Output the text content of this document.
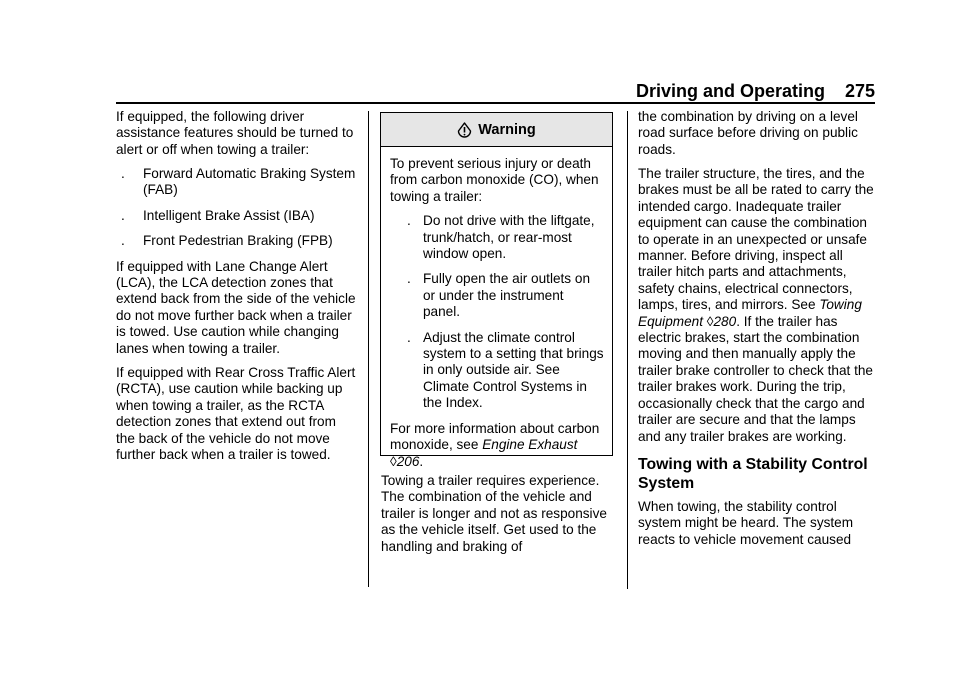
Driving and Operating 275

If equipped, the following driver assistance features should be turned to alert or off when towing a trailer:

. Forward Automatic Braking System (FAB)
. Intelligent Brake Assist (IBA)
. Front Pedestrian Braking (FPB)

If equipped with Lane Change Alert (LCA), the LCA detection zones that extend back from the side of the vehicle do not move further back when a trailer is towed. Use caution while changing lanes when towing a trailer.

If equipped with Rear Cross Traffic Alert (RCTA), use caution while backing up when towing a trailer, as the RCTA detection zones that extend out from the back of the vehicle do not move further back when a trailer is towed.

Warning

To prevent serious injury or death from carbon monoxide (CO), when towing a trailer:

. Do not drive with the liftgate, trunk/hatch, or rear-most window open.
. Fully open the air outlets on or under the instrument panel.
. Adjust the climate control system to a setting that brings in only outside air. See Climate Control Systems in the Index.

For more information about carbon monoxide, see Engine Exhaust ◊206.

Towing a trailer requires experience. The combination of the vehicle and trailer is longer and not as responsive as the vehicle itself. Get used to the handling and braking of

the combination by driving on a level road surface before driving on public roads.

The trailer structure, the tires, and the brakes must be all be rated to carry the intended cargo. Inadequate trailer equipment can cause the combination to operate in an unexpected or unsafe manner. Before driving, inspect all trailer hitch parts and attachments, safety chains, electrical connectors, lamps, tires, and mirrors. See Towing Equipment ◊280. If the trailer has electric brakes, start the combination moving and then manually apply the trailer brake controller to check that the trailer brakes work. During the trip, occasionally check that the cargo and trailer are secure and that the lamps and any trailer brakes are working.

Towing with a Stability Control System

When towing, the stability control system might be heard. The system reacts to vehicle movement caused
